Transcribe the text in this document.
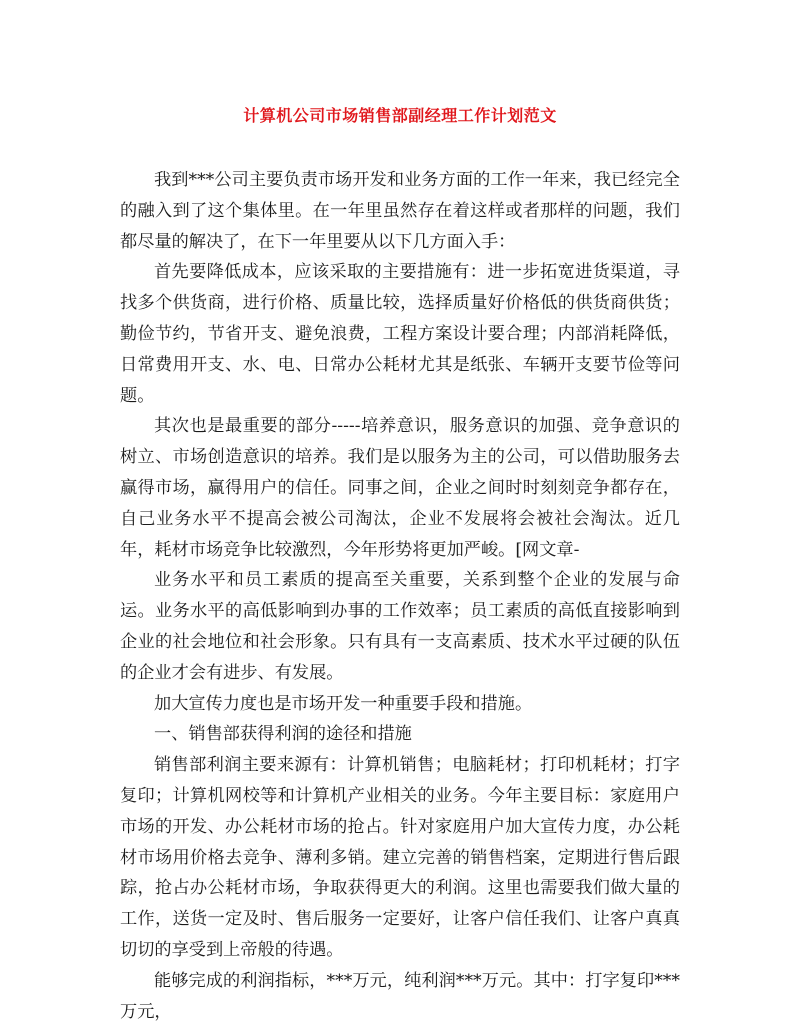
计算机公司市场销售部副经理工作计划范文

我到***公司主要负责市场开发和业务方面的工作一年来，我已经完全的融入到了这个集体里。在一年里虽然存在着这样或者那样的问题，我们都尽量的解决了，在下一年里要从以下几方面入手：

首先要降低成本，应该采取的主要措施有：进一步拓宽进货渠道，寻找多个供货商，进行价格、质量比较，选择质量好价格低的供货商供货；勤俭节约，节省开支、避免浪费，工程方案设计要合理；内部消耗降低，日常费用开支、水、电、日常办公耗材尤其是纸张、车辆开支要节俭等问题。

其次也是最重要的部分-----培养意识，服务意识的加强、竞争意识的树立、市场创造意识的培养。我们是以服务为主的公司，可以借助服务去赢得市场，赢得用户的信任。同事之间，企业之间时时刻刻竞争都存在，自己业务水平不提高会被公司淘汰，企业不发展将会被社会淘汰。近几年，耗材市场竞争比较激烈，今年形势将更加严峻。[网文章-

业务水平和员工素质的提高至关重要，关系到整个企业的发展与命运。业务水平的高低影响到办事的工作效率；员工素质的高低直接影响到企业的社会地位和社会形象。只有具有一支高素质、技术水平过硬的队伍的企业才会有进步、有发展。

加大宣传力度也是市场开发一种重要手段和措施。

一、销售部获得利润的途径和措施

销售部利润主要来源有：计算机销售；电脑耗材；打印机耗材；打字复印；计算机网校等和计算机产业相关的业务。今年主要目标：家庭用户市场的开发、办公耗材市场的抢占。针对家庭用户加大宣传力度，办公耗材市场用价格去竞争、薄利多销。建立完善的销售档案，定期进行售后跟踪，抢占办公耗材市场，争取获得更大的利润。这里也需要我们做大量的工作，送货一定及时、售后服务一定要好，让客户信任我们、让客户真真切切的享受到上帝般的待遇。

能够完成的利润指标，***万元，纯利润***万元。其中：打字复印***万元，
